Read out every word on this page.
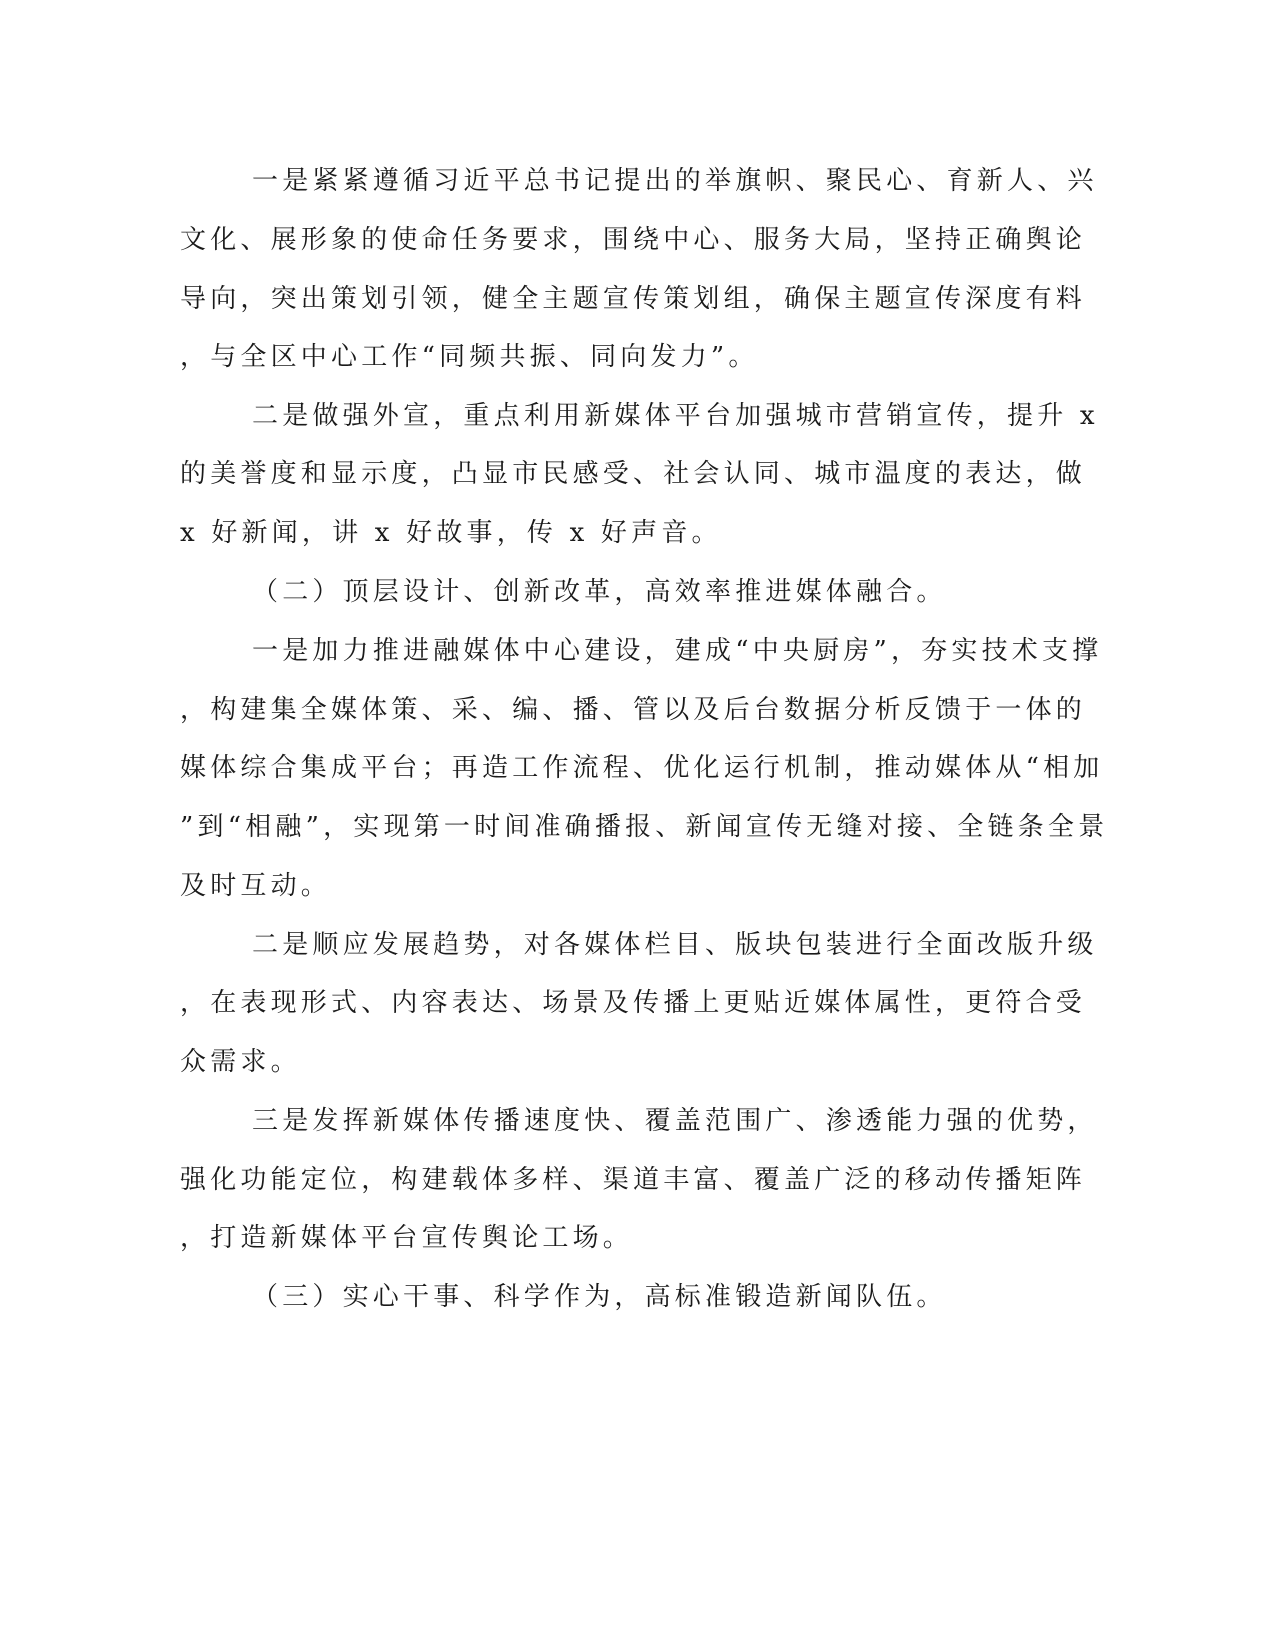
一是紧紧遵循习近平总书记提出的举旗帜、聚民心、育新人、兴
文化、展形象的使命任务要求，围绕中心、服务大局，坚持正确舆论
导向，突出策划引领，健全主题宣传策划组，确保主题宣传深度有料
，与全区中心工作“同频共振、同向发力”。
二是做强外宣，重点利用新媒体平台加强城市营销宣传，提升 x
的美誉度和显示度，凸显市民感受、社会认同、城市温度的表达，做
x 好新闻，讲 x 好故事，传 x 好声音。
（二）顶层设计、创新改革，高效率推进媒体融合。
一是加力推进融媒体中心建设，建成“中央厨房”，夯实技术支撑
，构建集全媒体策、采、编、播、管以及后台数据分析反馈于一体的
媒体综合集成平台；再造工作流程、优化运行机制，推动媒体从“相加
”到“相融”，实现第一时间准确播报、新闻宣传无缝对接、全链条全景
及时互动。
二是顺应发展趋势，对各媒体栏目、版块包装进行全面改版升级
，在表现形式、内容表达、场景及传播上更贴近媒体属性，更符合受
众需求。
三是发挥新媒体传播速度快、覆盖范围广、渗透能力强的优势，
强化功能定位，构建载体多样、渠道丰富、覆盖广泛的移动传播矩阵
，打造新媒体平台宣传舆论工场。
（三）实心干事、科学作为，高标准锻造新闻队伍。
